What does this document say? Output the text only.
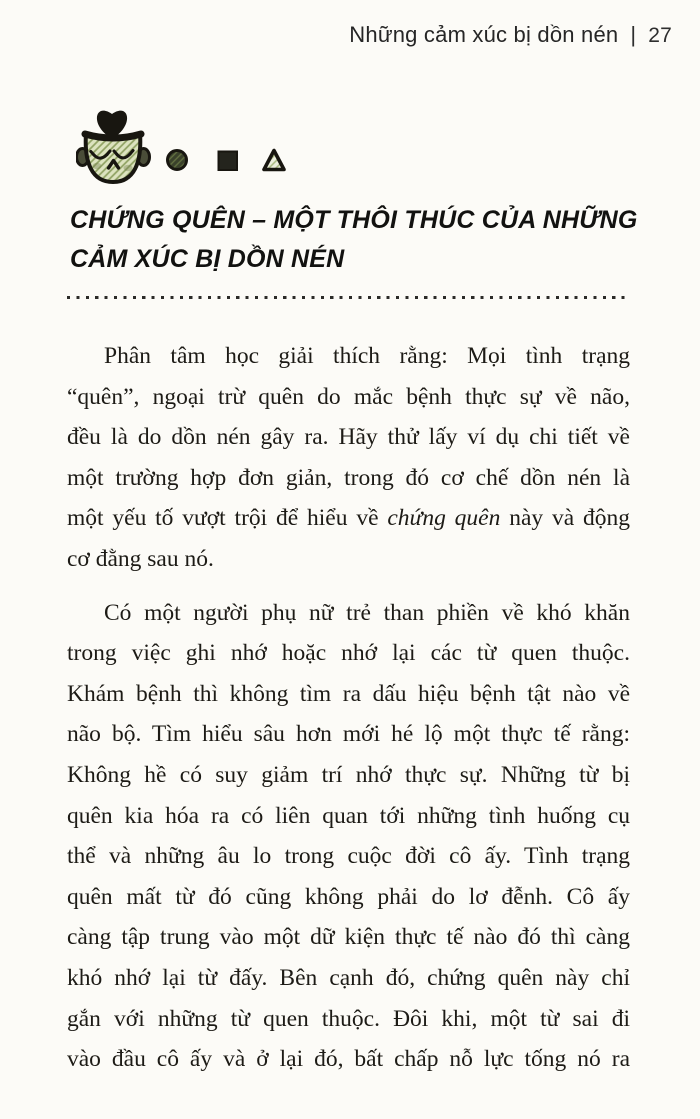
Những cảm xúc bị dồn nén | 27
CHỨNG QUÊN – MỘT THÔI THÚC CỦA NHỮNG
CẢM XÚC BỊ DỒN NÉN
Phân tâm học giải thích rằng: Mọi tình trạng
“quên”, ngoại trừ quên do mắc bệnh thực sự về não,
đều là do dồn nén gây ra. Hãy thử lấy ví dụ chi tiết về
một trường hợp đơn giản, trong đó cơ chế dồn nén là
một yếu tố vượt trội để hiểu về chứng quên này và động
cơ đằng sau nó.
Có một người phụ nữ trẻ than phiền về khó khăn
trong việc ghi nhớ hoặc nhớ lại các từ quen thuộc.
Khám bệnh thì không tìm ra dấu hiệu bệnh tật nào về
não bộ. Tìm hiểu sâu hơn mới hé lộ một thực tế rằng:
Không hề có suy giảm trí nhớ thực sự. Những từ bị
quên kia hóa ra có liên quan tới những tình huống cụ
thể và những âu lo trong cuộc đời cô ấy. Tình trạng
quên mất từ đó cũng không phải do lơ đễnh. Cô ấy
càng tập trung vào một dữ kiện thực tế nào đó thì càng
khó nhớ lại từ đấy. Bên cạnh đó, chứng quên này chỉ
gắn với những từ quen thuộc. Đôi khi, một từ sai đi
vào đầu cô ấy và ở lại đó, bất chấp nỗ lực tống nó ra
